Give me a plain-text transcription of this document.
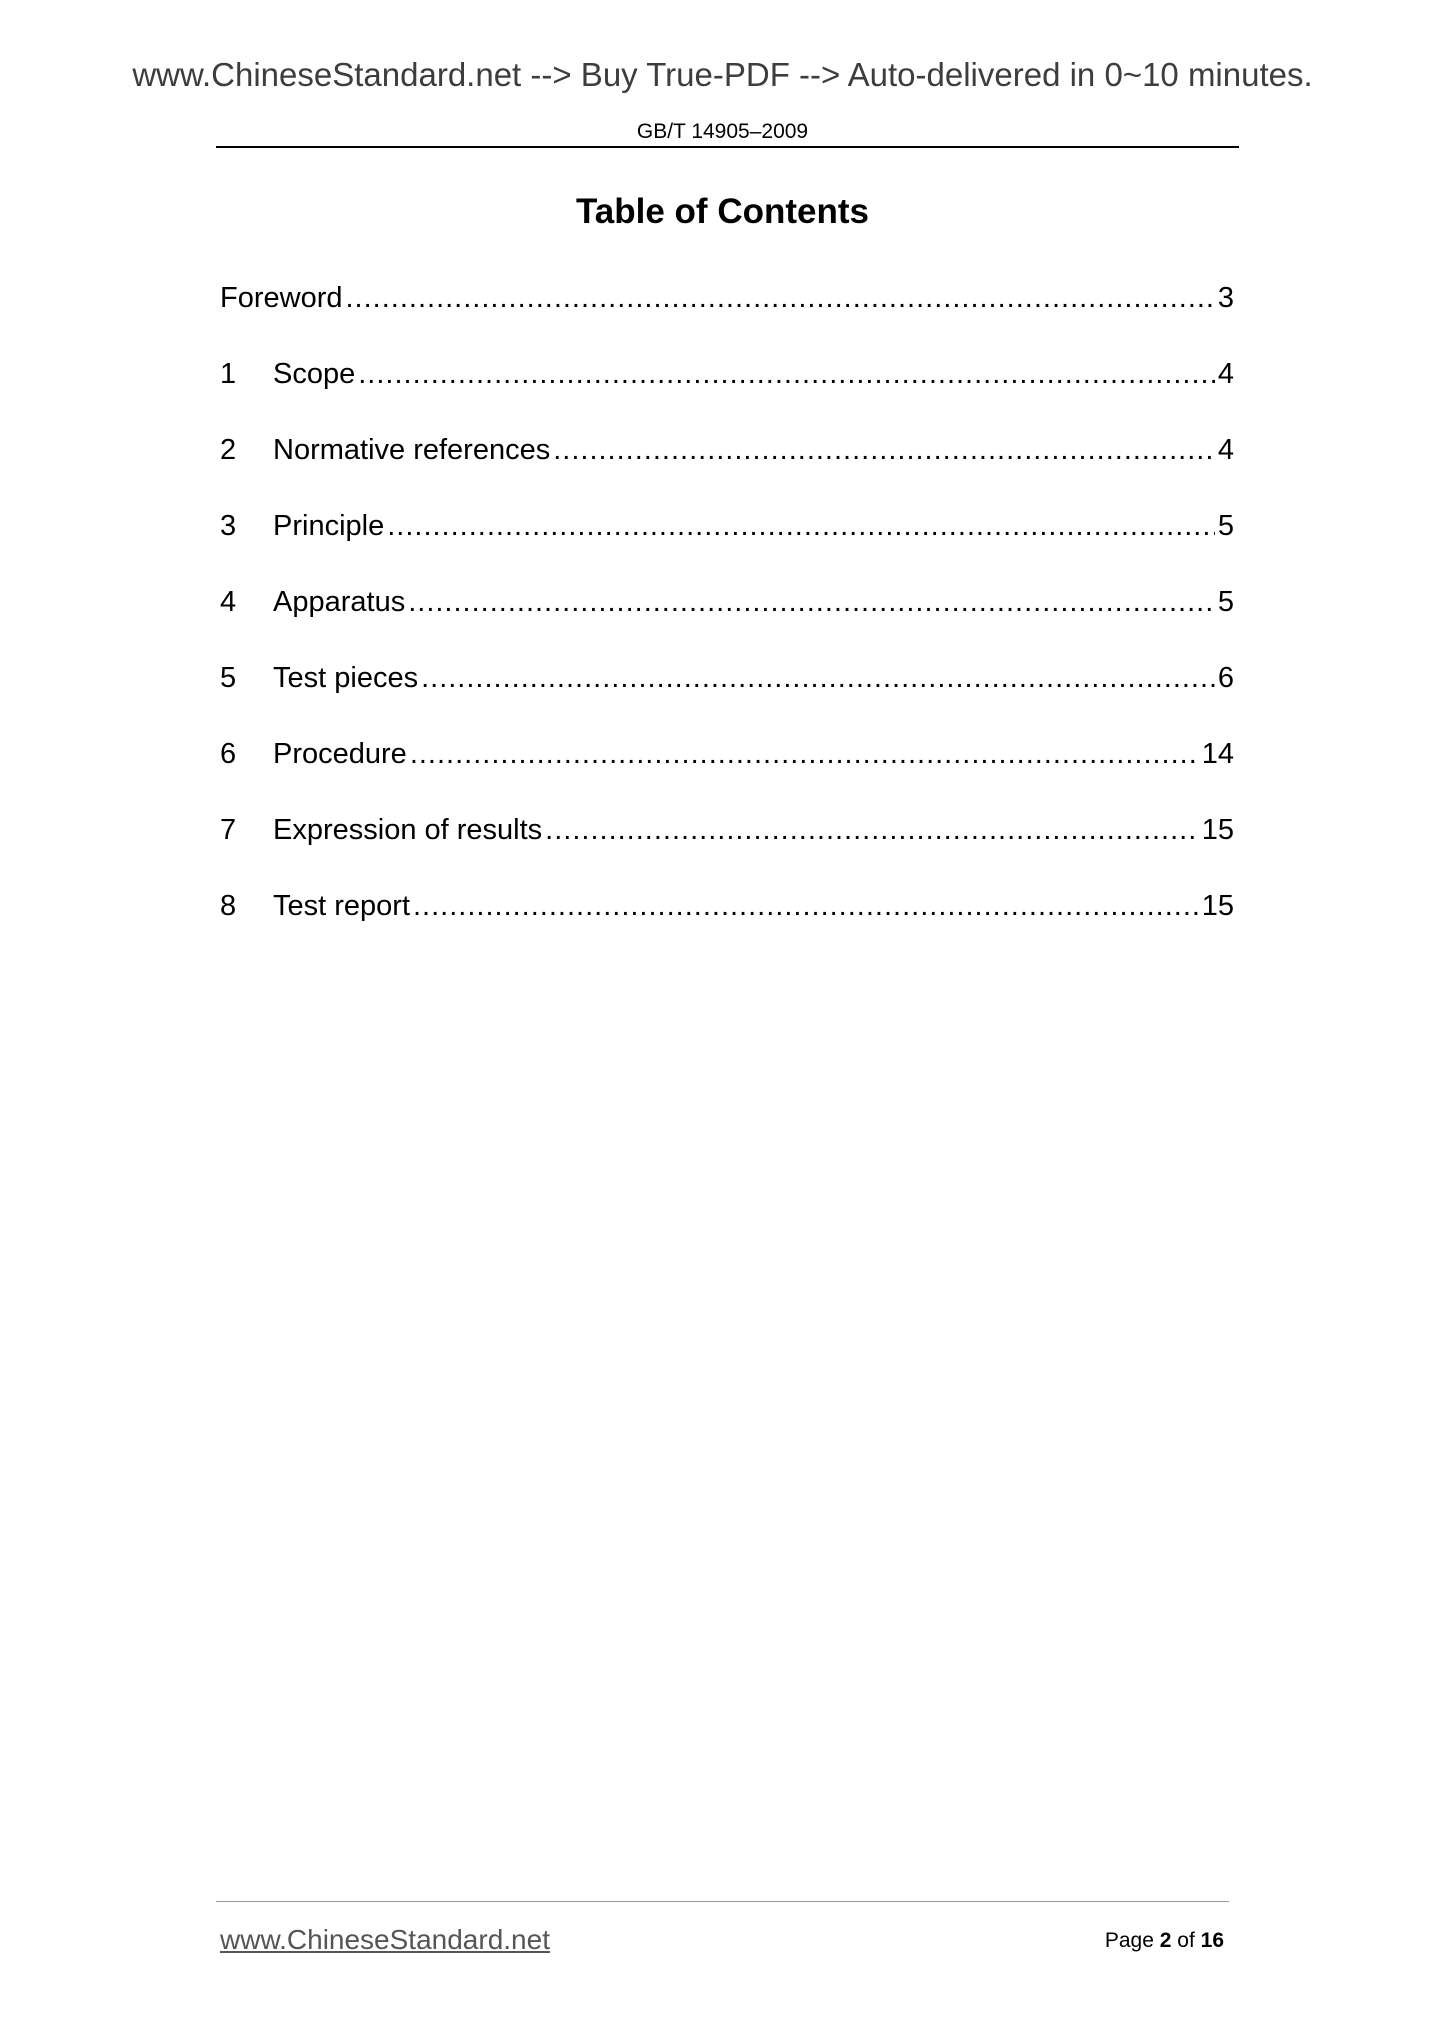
www.ChineseStandard.net --> Buy True-PDF --> Auto-delivered in 0~10 minutes.
GB/T 14905–2009
Table of Contents
Foreword .....	3
1	Scope .....	4
2	Normative references .....	4
3	Principle .....	5
4	Apparatus .....	5
5	Test pieces .....	6
6	Procedure .....	14
7	Expression of results .....	15
8	Test report .....	15
www.ChineseStandard.net	Page 2 of 16
